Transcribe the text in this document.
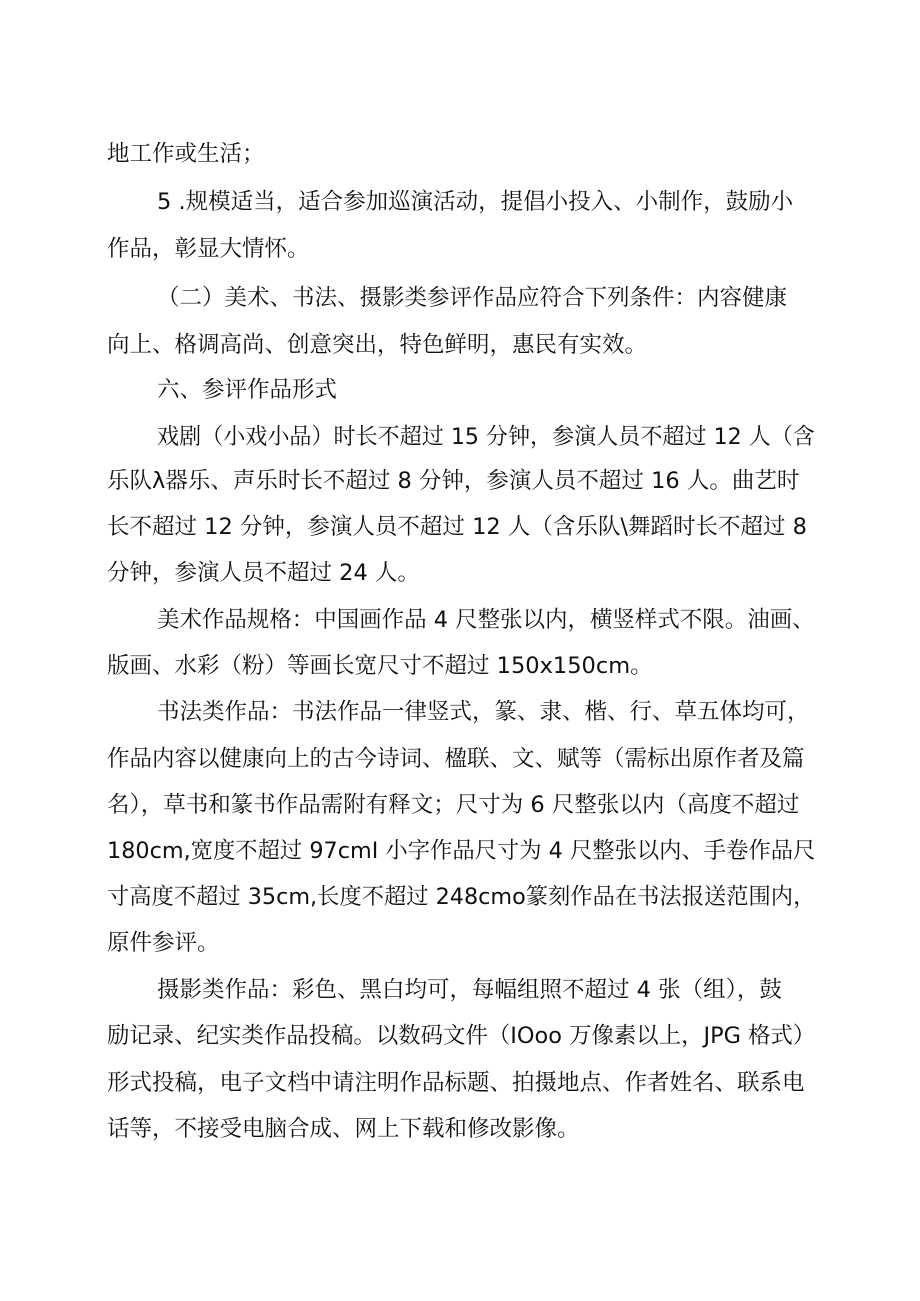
地工作或生活；
5 .规模适当，适合参加巡演活动，提倡小投入、小制作，鼓励小
作品，彰显大情怀。
（二）美术、书法、摄影类参评作品应符合下列条件：内容健康
向上、格调高尚、创意突出，特色鲜明，惠民有实效。
六、参评作品形式
戏剧（小戏小品）时长不超过 15 分钟，参演人员不超过 12 人（含
乐队λ器乐、声乐时长不超过 8 分钟，参演人员不超过 16 人。曲艺时
长不超过 12 分钟，参演人员不超过 12 人（含乐队\舞蹈时长不超过 8
分钟，参演人员不超过 24 人。
美术作品规格：中国画作品 4 尺整张以内，横竖样式不限。油画、
版画、水彩（粉）等画长宽尺寸不超过 150x150cm。
书法类作品：书法作品一律竖式，篆、隶、楷、行、草五体均可，
作品内容以健康向上的古今诗词、楹联、文、赋等（需标出原作者及篇
名），草书和篆书作品需附有释文；尺寸为 6 尺整张以内（高度不超过
180cm,宽度不超过 97cmI 小字作品尺寸为 4 尺整张以内、手卷作品尺
寸高度不超过 35cm,长度不超过 248cmo篆刻作品在书法报送范围内，
原件参评。
摄影类作品：彩色、黑白均可，每幅组照不超过 4 张（组），鼓
励记录、纪实类作品投稿。以数码文件（IOoo 万像素以上，JPG 格式）
形式投稿，电子文档中请注明作品标题、拍摄地点、作者姓名、联系电
话等，不接受电脑合成、网上下载和修改影像。
